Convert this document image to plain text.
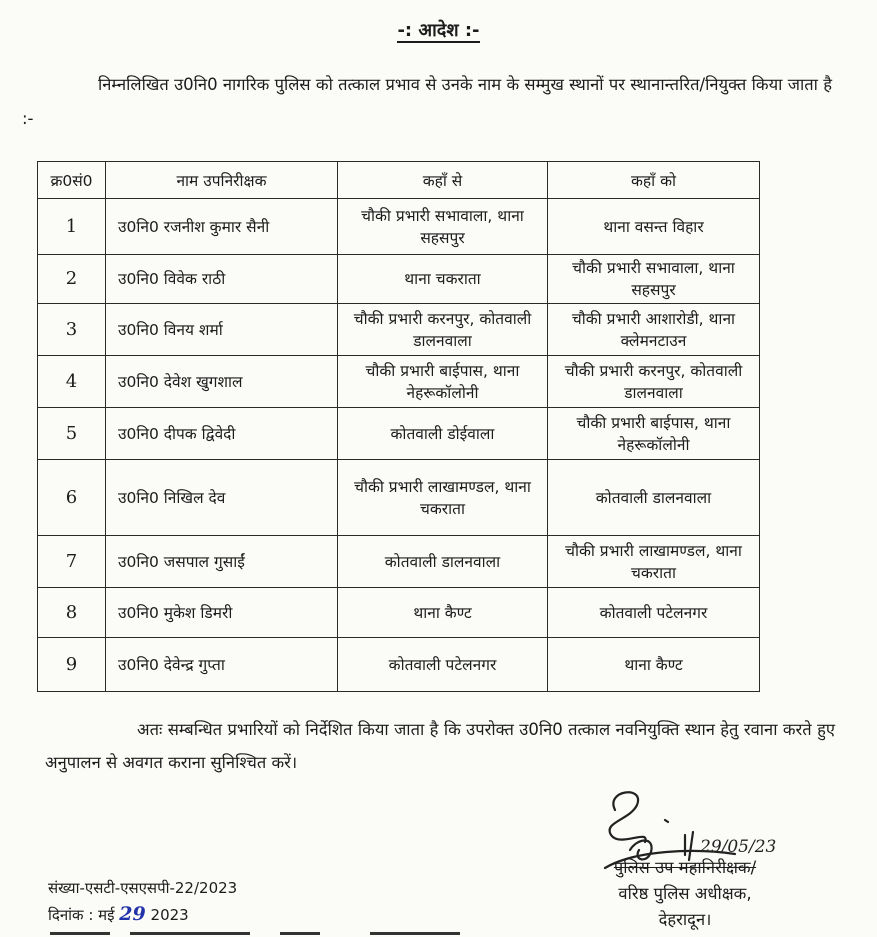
-: आदेश :-
निम्नलिखित उ0नि0 नागरिक पुलिस को तत्काल प्रभाव से उनके नाम के सम्मुख स्थानों पर स्थानान्तरित/नियुक्त किया जाता है :-
क्र0सं0	नाम उपनिरीक्षक	कहाँ से	कहाँ को
1	उ0नि0 रजनीश कुमार सैनी	चौकी प्रभारी सभावाला, थाना सहसपुर	थाना वसन्त विहार
2	उ0नि0 विवेक राठी	थाना चकराता	चौकी प्रभारी सभावाला, थाना सहसपुर
3	उ0नि0 विनय शर्मा	चौकी प्रभारी करनपुर, कोतवाली डालनवाला	चौकी प्रभारी आशारोडी, थाना क्लेमनटाउन
4	उ0नि0 देवेश खुगशाल	चौकी प्रभारी बाईपास, थाना नेहरूकॉलोनी	चौकी प्रभारी करनपुर, कोतवाली डालनवाला
5	उ0नि0 दीपक द्विवेदी	कोतवाली डोईवाला	चौकी प्रभारी बाईपास, थाना नेहरूकॉलोनी
6	उ0नि0 निखिल देव	चौकी प्रभारी लाखामण्डल, थाना चकराता	कोतवाली डालनवाला
7	उ0नि0 जसपाल गुसाईं	कोतवाली डालनवाला	चौकी प्रभारी लाखामण्डल, थाना चकराता
8	उ0नि0 मुकेश डिमरी	थाना कैण्ट	कोतवाली पटेलनगर
9	उ0नि0 देवेन्द्र गुप्ता	कोतवाली पटेलनगर	थाना कैण्ट
अतः सम्बन्धित प्रभारियों को निर्देशित किया जाता है कि उपरोक्त उ0नि0 तत्काल नवनियुक्ति स्थान हेतु रवाना करते हुए अनुपालन से अवगत कराना सुनिश्चित करें।
29/05/23
पुलिस उप महानिरीक्षक/
वरिष्ठ पुलिस अधीक्षक,
देहरादून।
संख्या-एसटी-एसएसपी-22/2023
दिनांक : मई 29 2023
